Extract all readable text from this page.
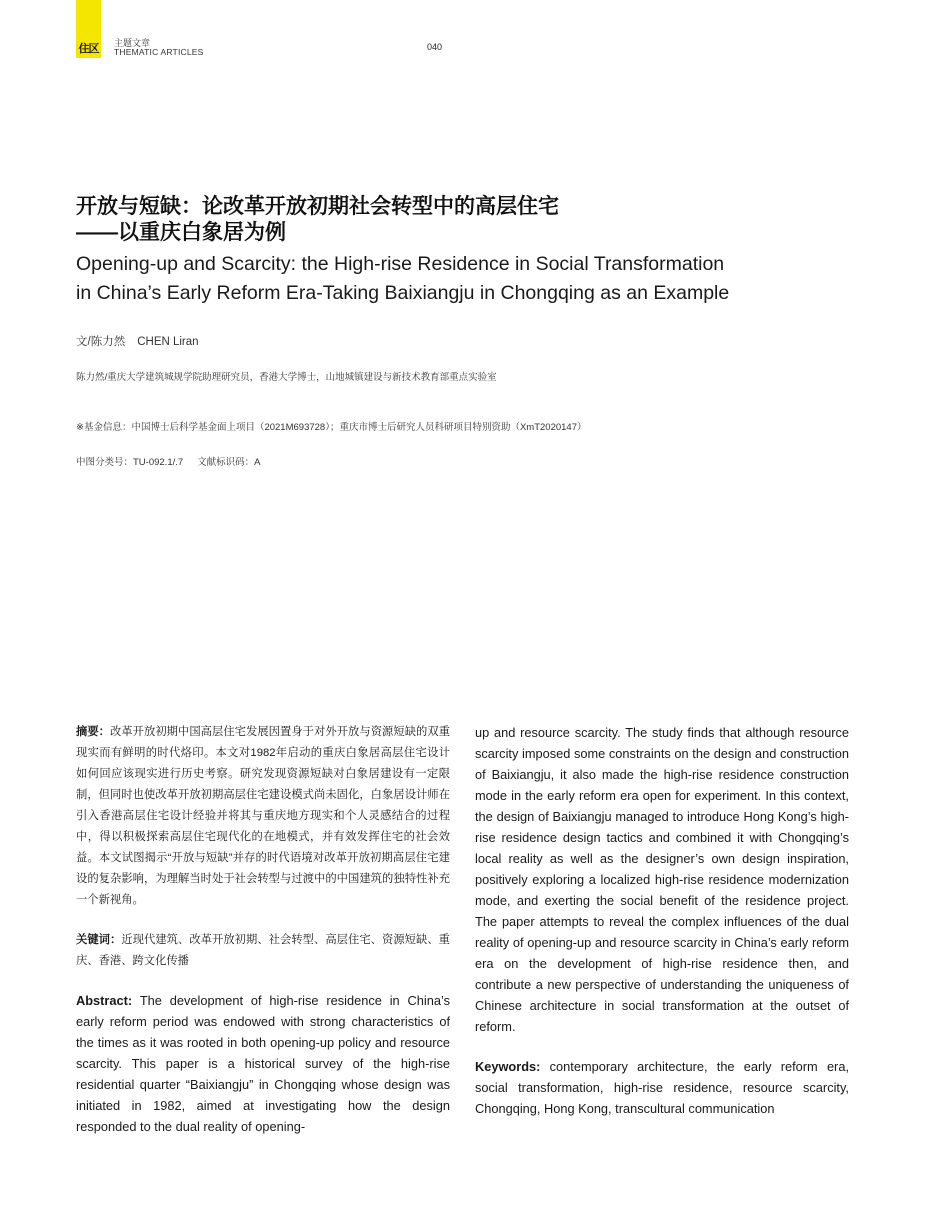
住区 主题文章
THEMATIC ARTICLES	040
开放与短缺：论改革开放初期社会转型中的高层住宅
——以重庆白象居为例
Opening-up and Scarcity: the High-rise Residence in Social Transformation
in China’s Early Reform Era-Taking Baixiangju in Chongqing as an Example
文/陈力然 CHEN Liran
陈力然/重庆大学建筑城规学院助理研究员，香港大学博士，山地城镇建设与新技术教育部重点实验室
※基金信息：中国博士后科学基金面上项目（2021M693728）；重庆市博士后研究人员科研项目特别资助（XmT2020147）
中图分类号：TU-092.1/.7 文献标识码：A

摘要：改革开放初期中国高层住宅发展因置身于对外开放与资源短缺的双重现实而有鲜明的时代烙印。本文对1982年启动的重庆白象居高层住宅设计如何回应该现实进行历史考察。研究发现资源短缺对白象居建设有一定限制，但同时也使改革开放初期高层住宅建设模式尚未固化，白象居设计师在引入香港高层住宅设计经验并将其与重庆地方现实和个人灵感结合的过程中，得以积极探索高层住宅现代化的在地模式，并有效发挥住宅的社会效益。本文试图揭示“开放与短缺”并存的时代语境对改革开放初期高层住宅建设的复杂影响，为理解当时处于社会转型与过渡中的中国建筑的独特性补充一个新视角。

关键词：近现代建筑、改革开放初期、社会转型、高层住宅、资源短缺、重庆、香港、跨文化传播

Abstract: The development of high-rise residence in China’s early reform period was endowed with strong characteristics of the times as it was rooted in both opening-up policy and resource scarcity. This paper is a historical survey of the high-rise residential quarter “Baixiangju” in Chongqing whose design was initiated in 1982, aimed at investigating how the design responded to the dual reality of opening-

up and resource scarcity. The study finds that although resource scarcity imposed some constraints on the design and construction of Baixiangju, it also made the high-rise residence construction mode in the early reform era open for experiment. In this context, the design of Baixiangju managed to introduce Hong Kong’s high-rise residence design tactics and combined it with Chongqing’s local reality as well as the designer’s own design inspiration, positively exploring a localized high-rise residence modernization mode, and exerting the social benefit of the residence project. The paper attempts to reveal the complex influences of the dual reality of opening-up and resource scarcity in China’s early reform era on the development of high-rise residence then, and contribute a new perspective of understanding the uniqueness of Chinese architecture in social transformation at the outset of reform.

Keywords: contemporary architecture, the early reform era, social transformation, high-rise residence, resource scarcity, Chongqing, Hong Kong, transcultural communication
